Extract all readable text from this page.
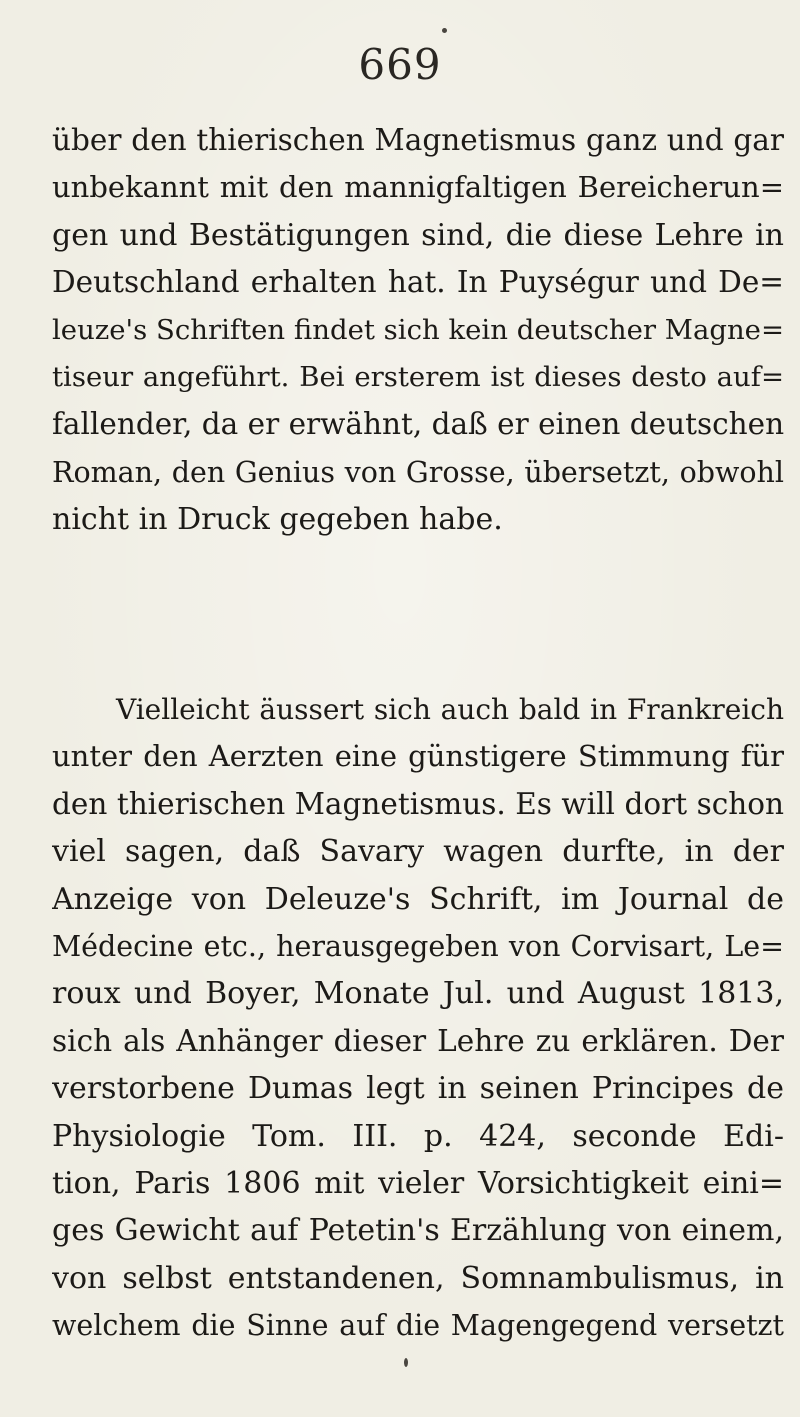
669
über den thierischen Magnetismus ganz und gar
unbekannt mit den mannigfaltigen Bereicherun=
gen und Bestätigungen sind, die diese Lehre in
Deutschland erhalten hat. In Puységur und De=
leuze's Schriften findet sich kein deutscher Magne=
tiseur angeführt. Bei ersterem ist dieses desto auf=
fallender, da er erwähnt, daß er einen deutschen
Roman, den Genius von Grosse, übersetzt, obwohl
nicht in Druck gegeben habe.
Vielleicht äussert sich auch bald in Frankreich
unter den Aerzten eine günstigere Stimmung für
den thierischen Magnetismus. Es will dort schon
viel sagen, daß Savary wagen durfte, in der
Anzeige von Deleuze's Schrift, im Journal de
Médecine etc., herausgegeben von Corvisart, Le=
roux und Boyer, Monate Jul. und August 1813,
sich als Anhänger dieser Lehre zu erklären. Der
verstorbene Dumas legt in seinen Principes de
Physiologie Tom. III. p. 424, seconde Edi-
tion, Paris 1806 mit vieler Vorsichtigkeit eini=
ges Gewicht auf Petetin's Erzählung von einem,
von selbst entstandenen, Somnambulismus, in
welchem die Sinne auf die Magengegend versetzt
